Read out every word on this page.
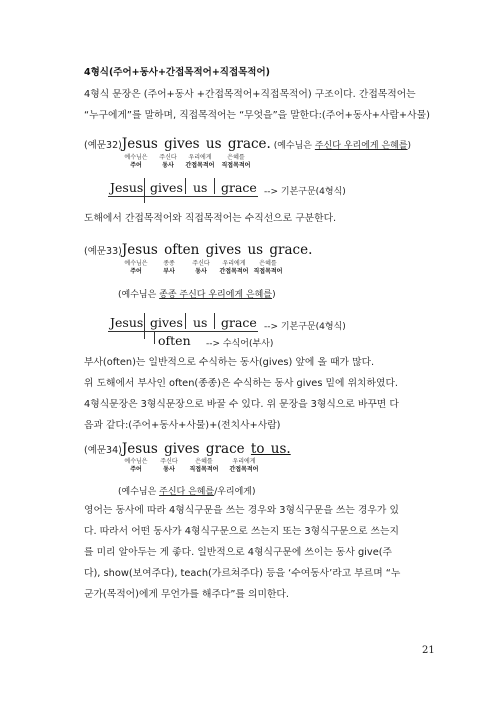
4형식(주어+동사+간접목적어+직접목적어)
4형식 문장은 (주어+동사 +간접목적어+직접목적어) 구조이다. 간접목적어는
“누구에게”를 말하며, 직접목적어는 “무엇을”을 말한다:(주어+동사+사람+사물)
(예문32)Jesus gives us grace. (예수님은 주신다 우리에게 은혜를)
예수님은	주신다	우리에게	은혜를
주어	동사	간접목적어	직접목적어
Jesus gives us grace --> 기본구문(4형식)
도해에서 간접목적어와 직접목적어는 수직선으로 구분한다.
(예문33)Jesus often gives us grace.
예수님은	종종	주신다	우리에게	은혜를
주어	부사	동사	간접목적어 직접목적어
(예수님은 종종 주신다 우리에게 은혜를)
Jesus gives us grace --> 기본구문(4형식)
often --> 수식어(부사)
부사(often)는 일반적으로 수식하는 동사(gives) 앞에 올 때가 많다.
위 도해에서 부사인 often(종종)은 수식하는 동사 gives 밑에 위치하였다.
4형식문장은 3형식문장으로 바꿀 수 있다. 위 문장을 3형식으로 바꾸면 다
음과 같다:(주어+동사+사물)+(전치사+사람)
(예문34)Jesus gives grace to us.
예수님은	주신다	은혜를	우리에게
주어	동사	직접목적어	간접목적어
(예수님은 주신다 은혜를/우리에게)
영어는 동사에 따라 4형식구문을 쓰는 경우와 3형식구문을 쓰는 경우가 있
다. 따라서 어떤 동사가 4형식구문으로 쓰는지 또는 3형식구문으로 쓰는지
를 미리 알아두는 게 좋다. 일반적으로 4형식구문에 쓰이는 동사 give(주
다), show(보여주다), teach(가르쳐주다) 등을 ‘수여동사’라고 부르며 “누
군가(목적어)에게 무언가를 해주다”를 의미한다.
21
